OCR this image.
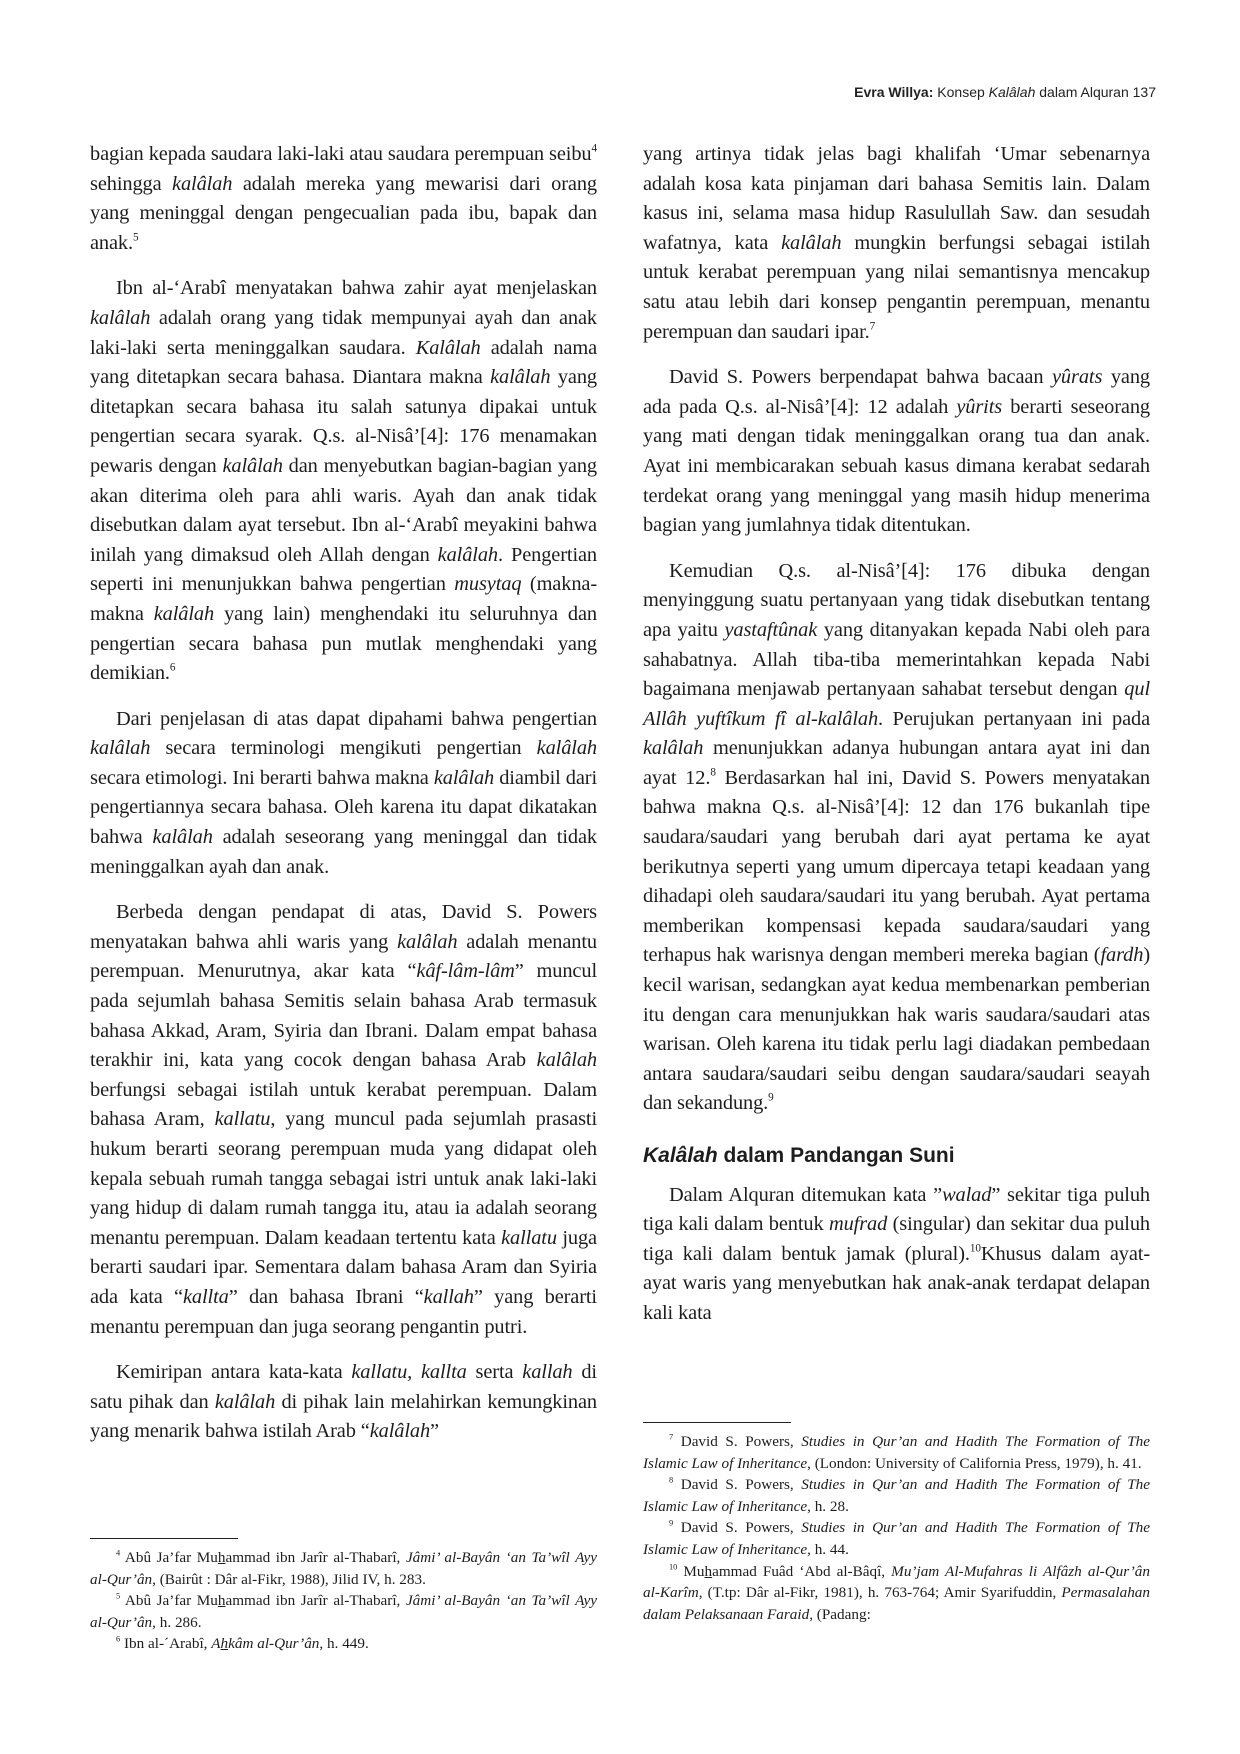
Evra Willya: Konsep Kalâlah dalam Alquran 137

bagian kepada saudara laki-laki atau saudara perempuan seibu$^4$ sehingga kalâlah adalah mereka yang mewarisi dari orang yang meninggal dengan pengecualian pada ibu, bapak dan anak.$^5$

Ibn al-‘Arabî menyatakan bahwa zahir ayat menjelaskan kalâlah adalah orang yang tidak mempunyai ayah dan anak laki-laki serta meninggalkan saudara. Kalâlah adalah nama yang ditetapkan secara bahasa. Diantara makna kalâlah yang ditetapkan secara bahasa itu salah satunya dipakai untuk pengertian secara syarak. Q.s. al-Nisâ’[4]: 176 menamakan pewaris dengan kalâlah dan menyebutkan bagian-bagian yang akan diterima oleh para ahli waris. Ayah dan anak tidak disebutkan dalam ayat tersebut. Ibn al-‘Arabî meyakini bahwa inilah yang dimaksud oleh Allah dengan kalâlah. Pengertian seperti ini menunjukkan bahwa pengertian musytaq (makna-makna kalâlah yang lain) menghendaki itu seluruhnya dan pengertian secara bahasa pun mutlak menghendaki yang demikian.$^6$

Dari penjelasan di atas dapat dipahami bahwa pengertian kalâlah secara terminologi mengikuti pengertian kalâlah secara etimologi. Ini berarti bahwa makna kalâlah diambil dari pengertiannya secara bahasa. Oleh karena itu dapat dikatakan bahwa kalâlah adalah seseorang yang meninggal dan tidak meninggalkan ayah dan anak.

Berbeda dengan pendapat di atas, David S. Powers menyatakan bahwa ahli waris yang kalâlah adalah menantu perempuan. Menurutnya, akar kata “kâf-lâm-lâm” muncul pada sejumlah bahasa Semitis selain bahasa Arab termasuk bahasa Akkad, Aram, Syiria dan Ibrani. Dalam empat bahasa terakhir ini, kata yang cocok dengan bahasa Arab kalâlah berfungsi sebagai istilah untuk kerabat perempuan. Dalam bahasa Aram, kallatu, yang muncul pada sejumlah prasasti hukum berarti seorang perempuan muda yang didapat oleh kepala sebuah rumah tangga sebagai istri untuk anak laki-laki yang hidup di dalam rumah tangga itu, atau ia adalah seorang menantu perempuan. Dalam keadaan tertentu kata kallatu juga berarti saudari ipar. Sementara dalam bahasa Aram dan Syiria ada kata “kallta” dan bahasa Ibrani “kallah” yang berarti menantu perempuan dan juga seorang pengantin putri.

Kemiripan antara kata-kata kallatu, kallta serta kallah di satu pihak dan kalâlah di pihak lain melahirkan kemungkinan yang menarik bahwa istilah Arab “kalâlah”

yang artinya tidak jelas bagi khalifah ‘Umar sebenarnya adalah kosa kata pinjaman dari bahasa Semitis lain. Dalam kasus ini, selama masa hidup Rasulullah Saw. dan sesudah wafatnya, kata kalâlah mungkin berfungsi sebagai istilah untuk kerabat perempuan yang nilai semantisnya mencakup satu atau lebih dari konsep pengantin perempuan, menantu perempuan dan saudari ipar.$^7$

David S. Powers berpendapat bahwa bacaan yûrats yang ada pada Q.s. al-Nisâ’[4]: 12 adalah yûrits berarti seseorang yang mati dengan tidak meninggalkan orang tua dan anak. Ayat ini membicarakan sebuah kasus dimana kerabat sedarah terdekat orang yang meninggal yang masih hidup menerima bagian yang jumlahnya tidak ditentukan.

Kemudian Q.s. al-Nisâ’[4]: 176 dibuka dengan menyinggung suatu pertanyaan yang tidak disebutkan tentang apa yaitu yastaftûnak yang ditanyakan kepada Nabi oleh para sahabatnya. Allah tiba-tiba memerintahkan kepada Nabi bagaimana menjawab pertanyaan sahabat tersebut dengan qul Allâh yuftîkum fî al-kalâlah. Perujukan pertanyaan ini pada kalâlah menunjukkan adanya hubungan antara ayat ini dan ayat 12.$^8$ Berdasarkan hal ini, David S. Powers menyatakan bahwa makna Q.s. al-Nisâ’[4]: 12 dan 176 bukanlah tipe saudara/saudari yang berubah dari ayat pertama ke ayat berikutnya seperti yang umum dipercaya tetapi keadaan yang dihadapi oleh saudara/saudari itu yang berubah. Ayat pertama memberikan kompensasi kepada saudara/saudari yang terhapus hak warisnya dengan memberi mereka bagian (fardh) kecil warisan, sedangkan ayat kedua membenarkan pemberian itu dengan cara menunjukkan hak waris saudara/saudari atas warisan. Oleh karena itu tidak perlu lagi diadakan pembedaan antara saudara/saudari seibu dengan saudara/saudari seayah dan sekandung.$^9$

Kalâlah dalam Pandangan Suni

Dalam Alquran ditemukan kata ”walad” sekitar tiga puluh tiga kali dalam bentuk mufrad (singular) dan sekitar dua puluh tiga kali dalam bentuk jamak (plural).$^{10}$Khusus dalam ayat-ayat waris yang menyebutkan hak anak-anak terdapat delapan kali kata

$^4$ Abû Ja’far Muhammad ibn Jarîr al-Thabarî, Jâmi’ al-Bayân ‘an Ta’wîl Ayy al-Qur’ân, (Bairût : Dâr al-Fikr, 1988), Jilid IV, h. 283.

$^5$ Abû Ja’far Muhammad ibn Jarîr al-Thabarî, Jâmi’ al-Bayân ‘an Ta’wîl Ayy al-Qur’ân, h. 286.

$^6$ Ibn al-´Arabî, Ahkâm al-Qur’ân, h. 449.

$^7$ David S. Powers, Studies in Qur’an and Hadith The Formation of The Islamic Law of Inheritance, (London: University of California Press, 1979), h. 41.

$^8$ David S. Powers, Studies in Qur’an and Hadith The Formation of The Islamic Law of Inheritance, h. 28.

$^9$ David S. Powers, Studies in Qur’an and Hadith The Formation of The Islamic Law of Inheritance, h. 44.

$^{10}$ Muhammad Fuâd ‘Abd al-Bâqî, Mu’jam Al-Mufahras li Alfâzh al-Qur’ân al-Karîm, (T.tp: Dâr al-Fikr, 1981), h. 763-764; Amir Syarifuddin, Permasalahan dalam Pelaksanaan Faraid, (Padang:
